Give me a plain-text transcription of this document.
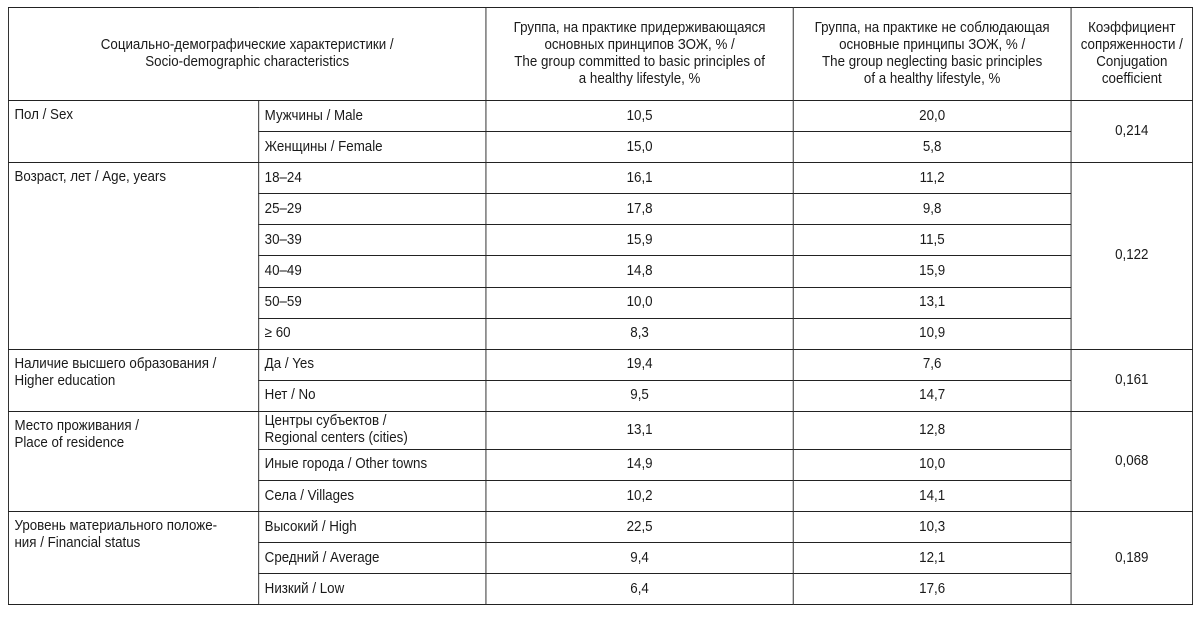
Социально-демографические характеристики /
Socio-demographic characteristics		Группа, на практике придерживающаяся
основных принципов ЗОЖ, % /
The group committed to basic principles of
a healthy lifestyle, %	Группа, на практике не соблюдающая
основные принципы ЗОЖ, % /
The group neglecting basic principles
of a healthy lifestyle, %	Коэффициент
сопряженности /
Conjugation
coefficient

Пол / Sex	Мужчины / Male	10,5	20,0	0,214

	Женщины / Female	15,0	5,8	

Возраст, лет / Age, years	18–24	16,1	11,2	0,122

	25–29	17,8	9,8	

	30–39	15,9	11,5	

	40–49	14,8	15,9	

	50–59	10,0	13,1	

	≥ 60	8,3	10,9	

Наличие высшего образования /
Higher education	Да / Yes	19,4	7,6	0,161

	Нет / No	9,5	14,7	

Место проживания /
Place of residence	Центры субъектов /
Regional centers (cities)	13,1	12,8	0,068

	Иные города / Other towns	14,9	10,0	

	Села / Villages	10,2	14,1	

Уровень материального положе-
ния / Financial status	Высокий / High	22,5	10,3	0,189

	Средний / Average	9,4	12,1	

	Низкий / Low	6,4	17,6	
